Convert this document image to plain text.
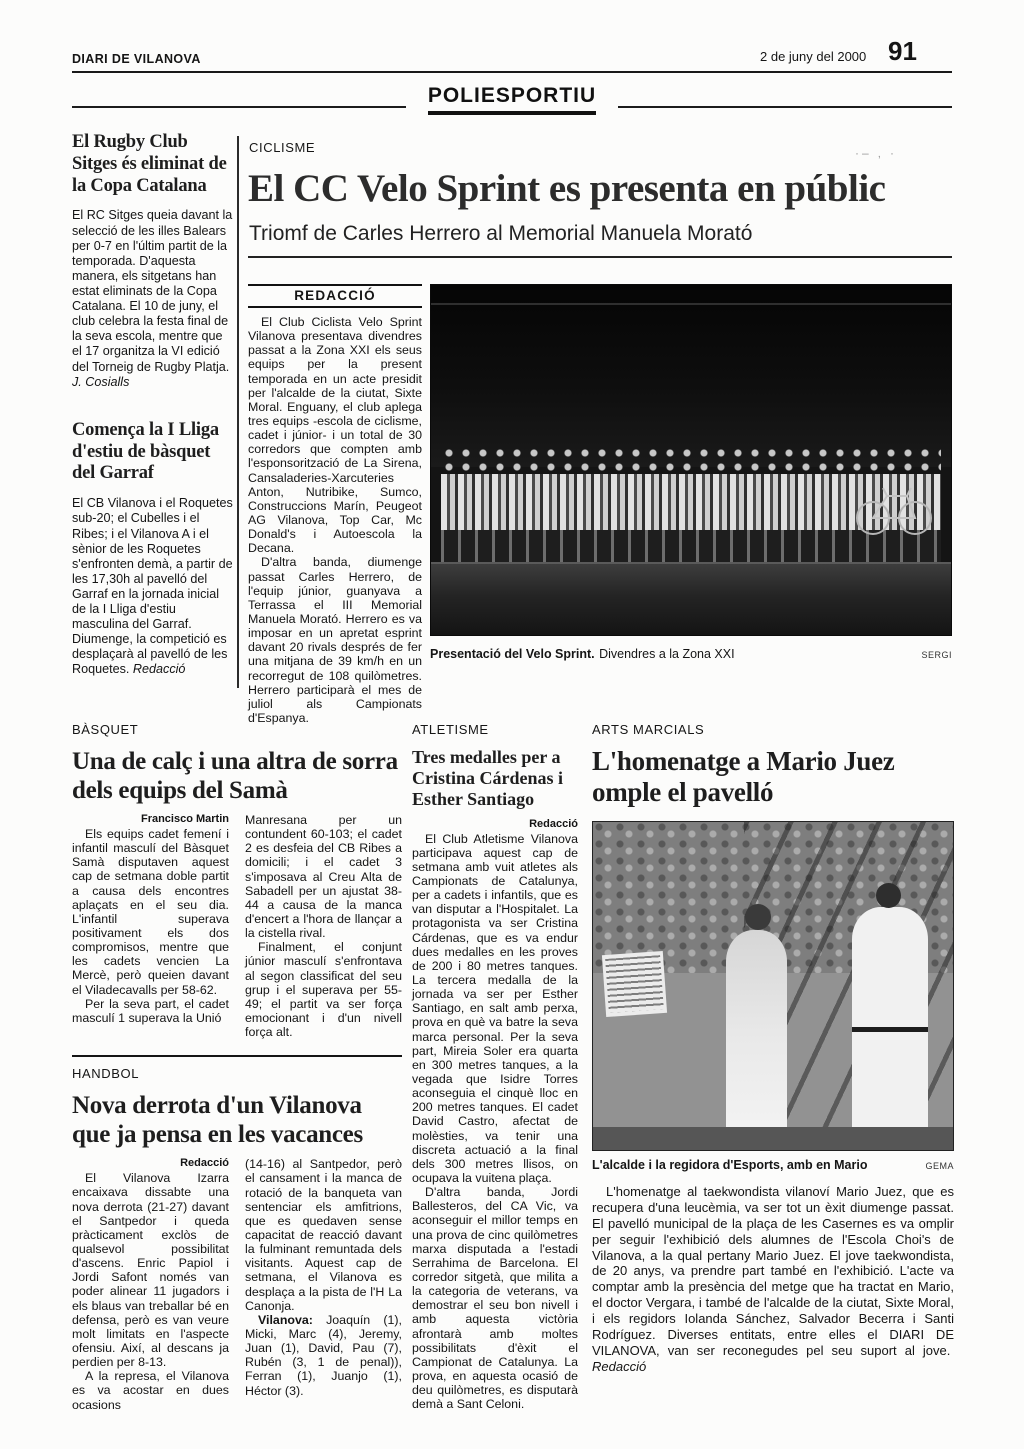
DIARI DE VILANOVA	2 de juny del 2000 91
POLIESPORTIU
El Rugby Club Sitges és eliminat de la Copa Catalana

El RC Sitges queia davant la selecció de les illes Balears per 0-7 en l'últim partit de la temporada. D'aquesta manera, els sitgetans han estat eliminats de la Copa Catalana. El 10 de juny, el club celebra la festa final de la seva escola, mentre que el 17 organitza la VI edició del Torneig de Rugby Platja. J. Cosialls

Comença la I Lliga d'estiu de bàsquet del Garraf

El CB Vilanova i el Roquetes sub-20; el Cubelles i el Ribes; i el Vilanova A i el sènior de les Roquetes s'enfronten demà, a partir de les 17,30h al pavelló del Garraf en la jornada inicial de la I Lliga d'estiu masculina del Garraf. Diumenge, la competició es desplaçarà al pavelló de les Roquetes. Redacció

CICLISME	·– ‚ ·
El CC Velo Sprint es presenta en públic
Triomf de Carles Herrero al Memorial Manuela Morató
REDACCIÓ

El Club Ciclista Velo Sprint Vilanova presentava divendres passat a la Zona XXI els seus equips per la present temporada en un acte presidit per l'alcalde de la ciutat, Sixte Moral. Enguany, el club aplega tres equips -escola de ciclisme, cadet i júnior- i un total de 30 corredors que compten amb l'esponsorització de La Sirena, Cansaladeries-Xarcuteries Anton, Nutribike, Sumco, Construccions Marín, Peugeot AG Vilanova, Top Car, Mc Donald's i Autoescola la Decana.

D'altra banda, diumenge passat Carles Herrero, de l'equip júnior, guanyava a Terrassa el III Memorial Manuela Morató. Herrero es va imposar en un apretat esprint davant 20 rivals després de fer una mitjana de 39 km/h en un recorregut de 108 quilòmetres. Herrero participarà el mes de juliol als Campionats d'Espanya.

Presentació del Velo Sprint. Divendres a la Zona XXI	SERGI
BÀSQUET
Una de calç i una altra de sorra dels equips del Samà
Francisco Martin

Els equips cadet femení i infantil masculí del Bàsquet Samà disputaven aquest cap de setmana doble partit a causa dels encontres aplaçats en el seu dia. L'infantil superava positivament els dos compromisos, mentre que les cadets vencien La Mercè, però queien davant el Viladecavalls per 58-62.

Per la seva part, el cadet masculí 1 superava la Unió

Manresana per un contundent 60-103; el cadet 2 es desfeia del CB Ribes a domicili; i el cadet 3 s'imposava al Creu Alta de Sabadell per un ajustat 38-44 a causa de la manca d'encert a l'hora de llançar a la cistella rival.

Finalment, el conjunt júnior masculí s'enfrontava al segon classificat del seu grup i el superava per 55-49; el partit va ser força emocionant i d'un nivell força alt.

HANDBOL
Nova derrota d'un Vilanova que ja pensa en les vacances
Redacció

El Vilanova Izarra encaixava dissabte una nova derrota (21-27) davant el Santpedor i queda pràcticament exclòs de qualsevol possibilitat d'ascens. Enric Papiol i Jordi Safont només van poder alinear 11 jugadors i els blaus van treballar bé en defensa, però es van veure molt limitats en l'aspecte ofensiu. Així, al descans ja perdien per 8-13.

A la represa, el Vilanova es va acostar en dues ocasions

(14-16) al Santpedor, però el cansament i la manca de rotació de la banqueta van sentenciar els amfitrions, que es quedaven sense capacitat de reacció davant la fulminant remuntada dels visitants. Aquest cap de setmana, el Vilanova es desplaça a la pista de l'H La Canonja.

Vilanova: Joaquín (1), Micki, Marc (4), Jeremy, Juan (1), David, Pau (7), Rubén (3, 1 de penal)), Ferran (1), Juanjo (1), Héctor (3).

ATLETISME
Tres medalles per a Cristina Cárdenas i Esther Santiago
Redacció

El Club Atletisme Vilanova participava aquest cap de setmana amb vuit atletes als Campionats de Catalunya, per a cadets i infantils, que es van disputar a l'Hospitalet. La protagonista va ser Cristina Cárdenas, que es va endur dues medalles en les proves de 200 i 80 metres tanques. La tercera medalla de la jornada va ser per Esther Santiago, en salt amb perxa, prova en què va batre la seva marca personal. Per la seva part, Mireia Soler era quarta en 300 metres tanques, a la vegada que Isidre Torres aconseguia el cinquè lloc en 200 metres tanques. El cadet David Castro, afectat de molèsties, va tenir una discreta actuació a la final dels 300 metres llisos, on ocupava la vuitena plaça.

D'altra banda, Jordi Ballesteros, del CA Vic, va aconseguir el millor temps en una prova de cinc quilòmetres marxa disputada a l'estadi Serrahima de Barcelona. El corredor sitgetà, que milita a la categoria de veterans, va demostrar el seu bon nivell i amb aquesta victòria afrontarà amb moltes possibilitats d'èxit el Campionat de Catalunya. La prova, en aquesta ocasió de deu quilòmetres, es disputarà demà a Sant Celoni.

ARTS MARCIALS
L'homenatge a Mario Juez omple el pavelló
L'alcalde i la regidora d'Esports, amb en Mario	GEMA

L'homenatge al taekwondista vilanoví Mario Juez, que es recupera d'una leucèmia, va ser tot un èxit diumenge passat. El pavelló municipal de la plaça de les Casernes es va omplir per seguir l'exhibició dels alumnes de l'Escola Choi's de Vilanova, a la qual pertany Mario Juez. El jove taekwondista, de 20 anys, va prendre part també en l'exhibició. L'acte va comptar amb la presència del metge que ha tractat en Mario, el doctor Vergara, i també de l'alcalde de la ciutat, Sixte Moral, i els regidors Iolanda Sánchez, Salvador Becerra i Santi Rodríguez. Diverses entitats, entre elles el DIARI DE VILANOVA, van ser reconegudes pel seu suport al jove.  Redacció
